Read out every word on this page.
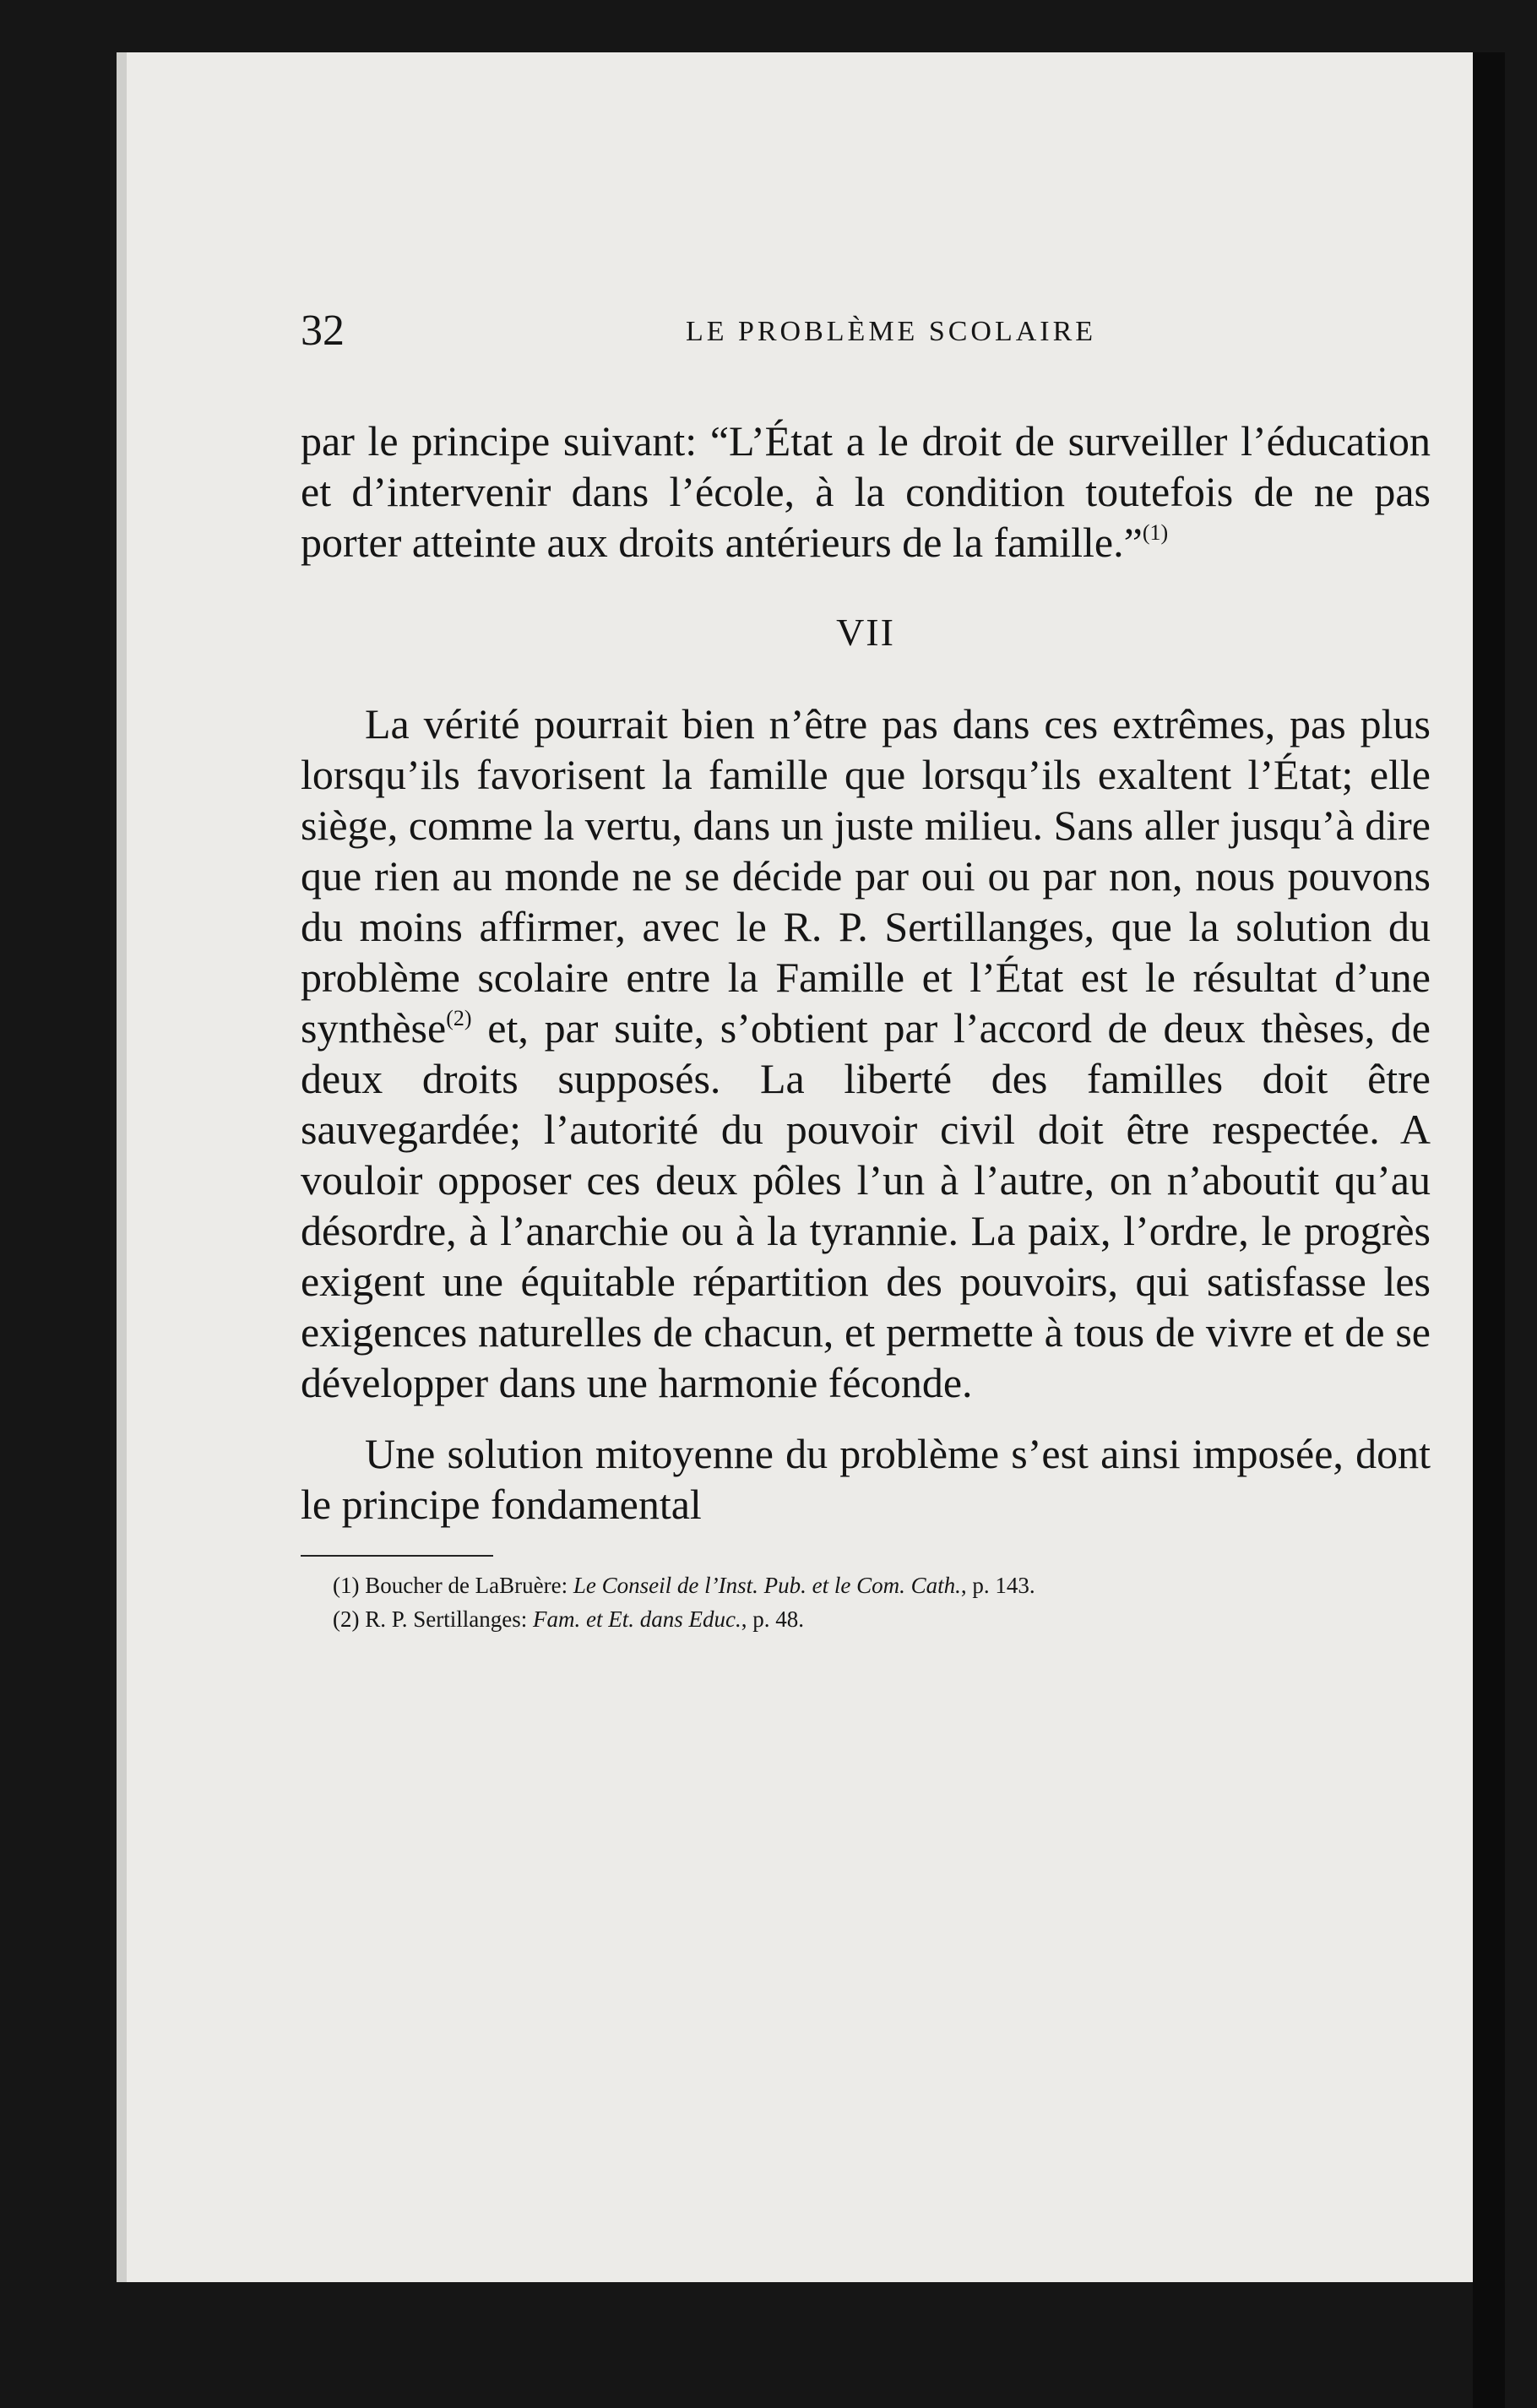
32	LE PROBLÈME SCOLAIRE

par le principe suivant: “L’État a le droit de surveiller l’éducation et d’intervenir dans l’école, à la condition toutefois de ne pas porter atteinte aux droits antérieurs de la famille.”$^{(1)}$

VII

La vérité pourrait bien n’être pas dans ces extrêmes, pas plus lorsqu’ils favorisent la famille que lorsqu’ils exaltent l’État; elle siège, comme la vertu, dans un juste milieu. Sans aller jusqu’à dire que rien au monde ne se décide par oui ou par non, nous pouvons du moins affirmer, avec le R. P. Sertillanges, que la solution du problème scolaire entre la Famille et l’État est le résultat d’une synthèse$^{(2)}$ et, par suite, s’obtient par l’accord de deux thèses, de deux droits supposés. La liberté des familles doit être sauvegardée; l’autorité du pouvoir civil doit être respectée. A vouloir opposer ces deux pôles l’un à l’autre, on n’aboutit qu’au désordre, à l’anarchie ou à la tyrannie. La paix, l’ordre, le progrès exigent une équitable répartition des pouvoirs, qui satisfasse les exigences naturelles de chacun, et permette à tous de vivre et de se développer dans une harmonie féconde.

Une solution mitoyenne du problème s’est ainsi imposée, dont le principe fondamental

(1) Boucher de LaBruère: Le Conseil de l’Inst. Pub. et le Com. Cath., p. 143.
(2) R. P. Sertillanges: Fam. et Et. dans Educ., p. 48.
